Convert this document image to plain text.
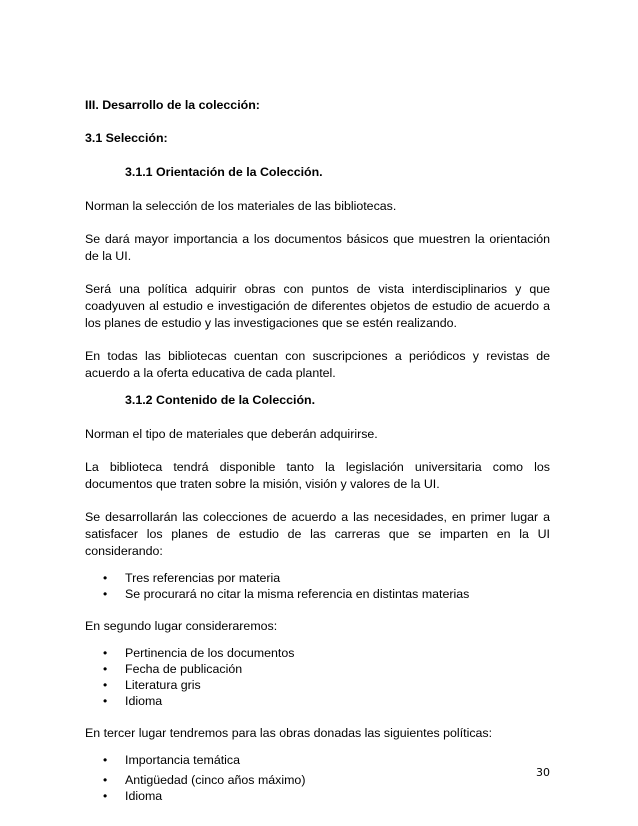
III. Desarrollo de la colección:
3.1 Selección:
3.1.1 Orientación de la Colección.

Norman la selección de los materiales de las bibliotecas.

Se dará mayor importancia a los documentos básicos que muestren la orientación de la UI.

Será una política adquirir obras con puntos de vista interdisciplinarios y que coadyuven al estudio e investigación de diferentes objetos de estudio de acuerdo a los planes de estudio y las investigaciones que se estén realizando.

En todas las bibliotecas cuentan con suscripciones a periódicos y revistas de acuerdo a la oferta educativa de cada plantel.

3.1.2 Contenido de la Colección.

Norman el tipo de materiales que deberán adquirirse.

La biblioteca tendrá disponible tanto la legislación universitaria como los documentos que traten sobre la misión, visión y valores de la UI.

Se desarrollarán las colecciones de acuerdo a las necesidades, en primer lugar a satisfacer los planes de estudio de las carreras que se imparten en la UI considerando:

• Tres referencias por materia
• Se procurará no citar la misma referencia en distintas materias

En segundo lugar consideraremos:

• Pertinencia de los documentos
• Fecha de publicación
• Literatura gris
• Idioma

En tercer lugar tendremos para las obras donadas las siguientes políticas:

• Importancia temática
• Antigüedad (cinco años máximo)
• Idioma
30
